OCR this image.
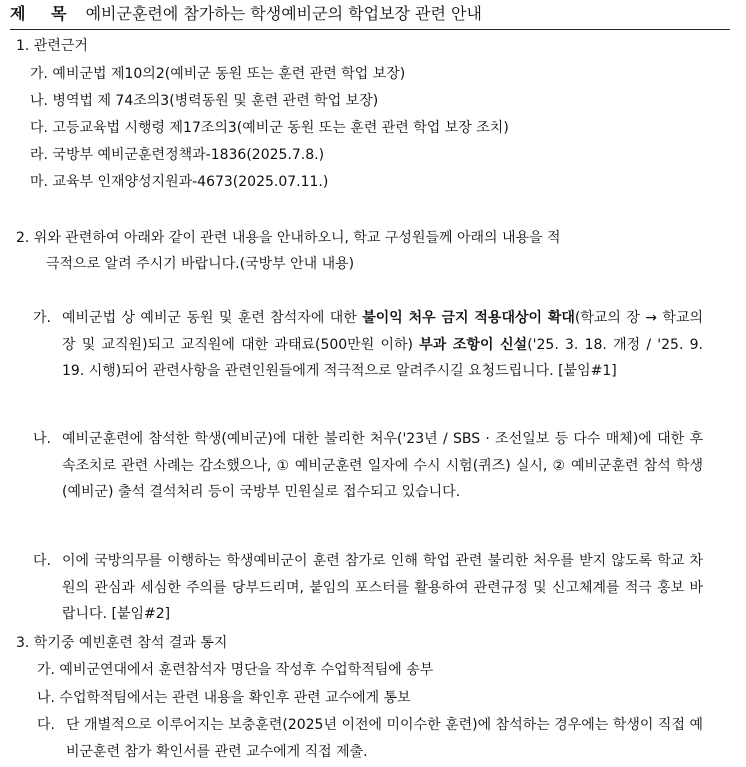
제 목 예비군훈련에 참가하는 학생예비군의 학업보장 관련 안내
1. 관련근거
가. 예비군법 제10의2(예비군 동원 또는 훈련 관련 학업 보장)
나. 병역법 제 74조의3(병력동원 및 훈련 관련 학업 보장)
다. 고등교육법 시행령 제17조의3(예비군 동원 또는 훈련 관련 학업 보장 조치)
라. 국방부 예비군훈련정책과-1836(2025.7.8.)
마. 교육부 인재양성지원과-4673(2025.07.11.)
2. 위와 관련하여 아래와 같이 관련 내용을 안내하오니, 학교 구성원들께 아래의 내용을 적
극적으로 알려 주시기 바랍니다.(국방부 안내 내용)
가. 예비군법 상 예비군 동원 및 훈련 참석자에 대한 불이익 처우 금지 적용대상이 확대(학교의 장 → 학교의 장 및 교직원)되고 교직원에 대한 과태료(500만원 이하) 부과 조항이 신설('25. 3. 18. 개정 / '25. 9. 19. 시행)되어 관련사항을 관련인원들에게 적극적으로 알려주시길 요청드립니다. [붙임#1]
나. 예비군훈련에 참석한 학생(예비군)에 대한 불리한 처우('23년 / SBS · 조선일보 등 다수 매체)에 대한 후속조치로 관련 사례는 감소했으나, ① 예비군훈련 일자에 수시 시험(퀴즈) 실시, ② 예비군훈련 참석 학생(예비군) 출석 결석처리 등이 국방부 민원실로 접수되고 있습니다.
다. 이에 국방의무를 이행하는 학생예비군이 훈련 참가로 인해 학업 관련 불리한 처우를 받지 않도록 학교 차원의 관심과 세심한 주의를 당부드리며, 붙임의 포스터를 활용하여 관련규정 및 신고체계를 적극 홍보 바랍니다. [붙임#2]
3. 학기중 예빈훈련 참석 결과 통지
가. 예비군연대에서 훈련참석자 명단을 작성후 수업학적팀에 송부
나. 수업학적팀에서는 관련 내용을 확인후 관련 교수에게 통보
다. 단 개별적으로 이루어지는 보충훈련(2025년 이전에 미이수한 훈련)에 참석하는 경우에는 학생이 직접 예비군훈련 참가 확인서를 관련 교수에게 직접 제출.
